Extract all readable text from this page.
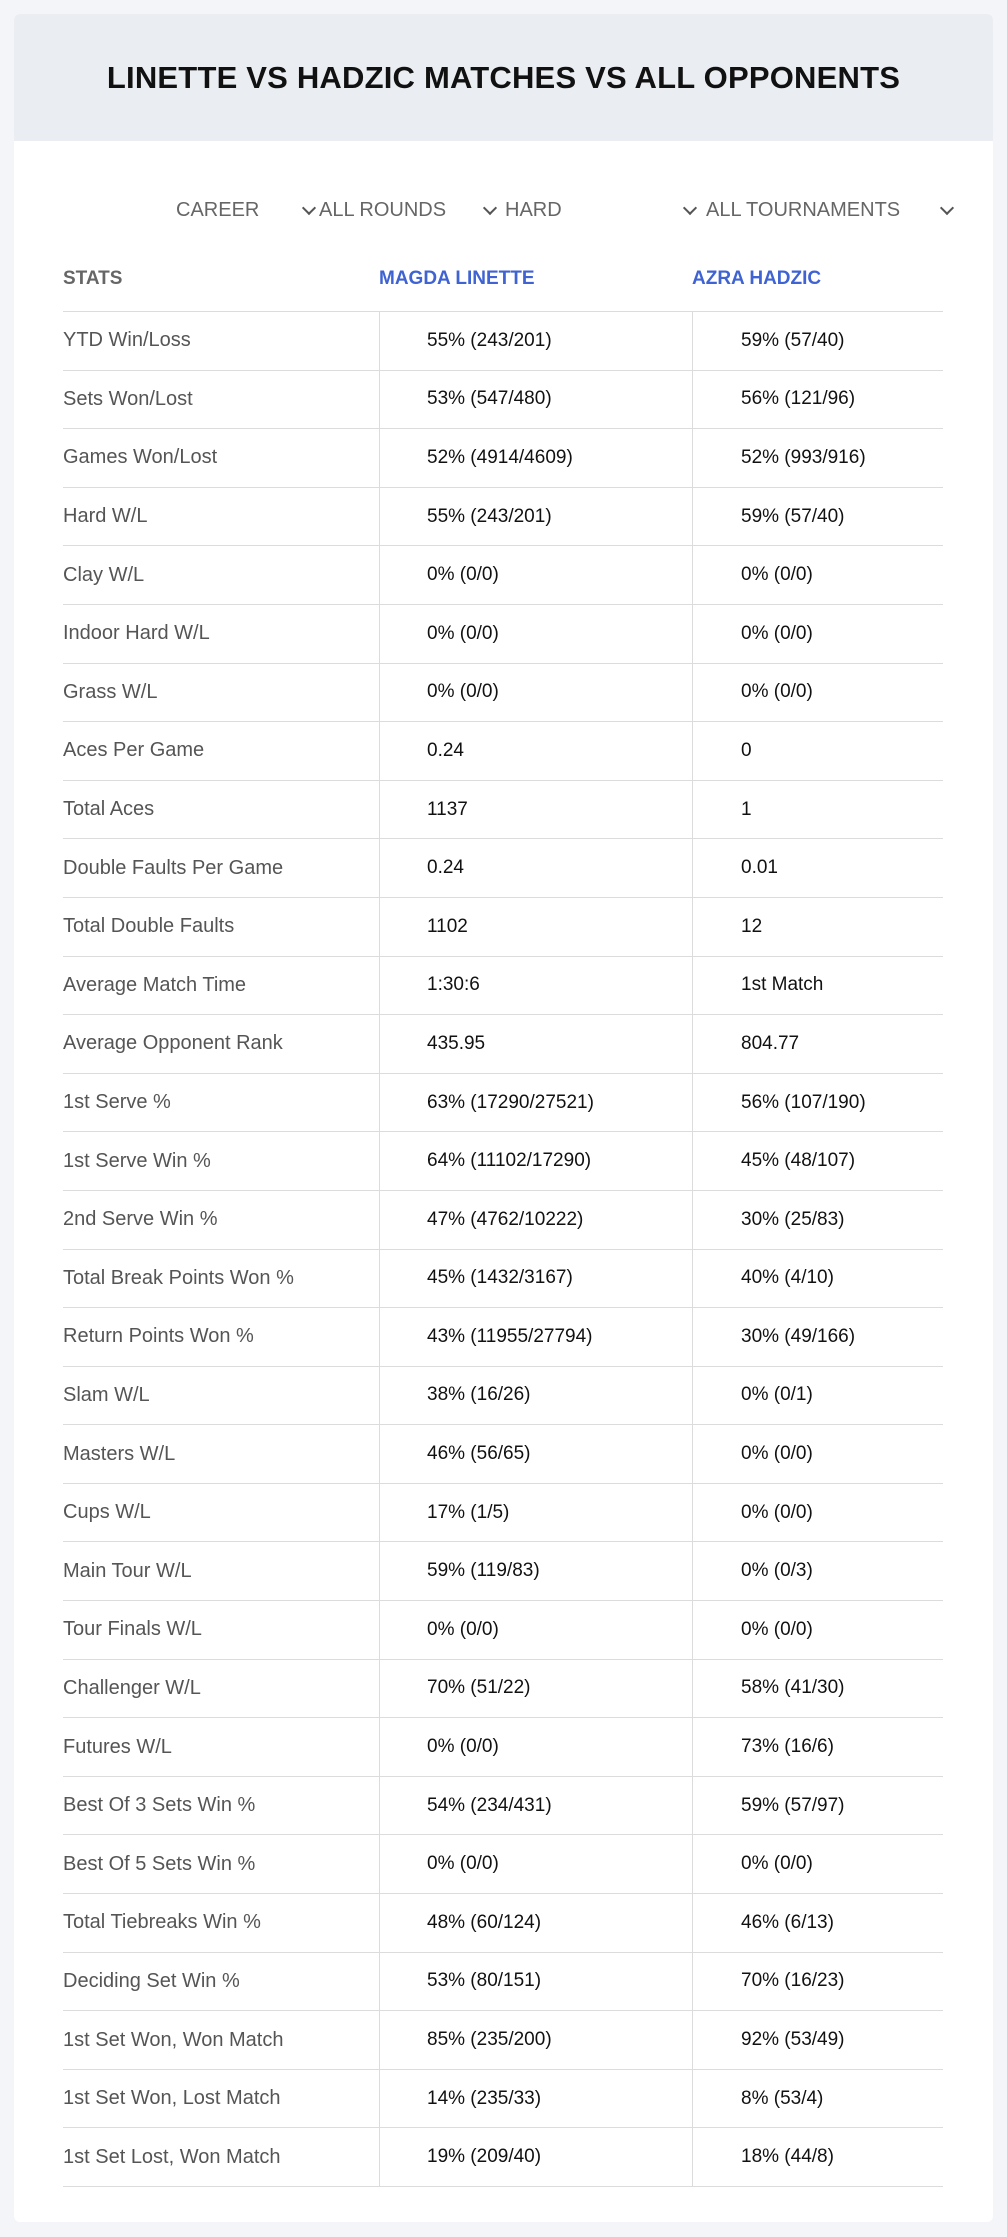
LINETTE VS HADZIC MATCHES VS ALL OPPONENTS
CAREER	ALL ROUNDS	HARD	ALL TOURNAMENTS
STATS	MAGDA LINETTE	AZRA HADZIC
YTD Win/Loss	55% (243/201)	59% (57/40)
Sets Won/Lost	53% (547/480)	56% (121/96)
Games Won/Lost	52% (4914/4609)	52% (993/916)
Hard W/L	55% (243/201)	59% (57/40)
Clay W/L	0% (0/0)	0% (0/0)
Indoor Hard W/L	0% (0/0)	0% (0/0)
Grass W/L	0% (0/0)	0% (0/0)
Aces Per Game	0.24	0
Total Aces	1137	1
Double Faults Per Game	0.24	0.01
Total Double Faults	1102	12
Average Match Time	1:30:6	1st Match
Average Opponent Rank	435.95	804.77
1st Serve %	63% (17290/27521)	56% (107/190)
1st Serve Win %	64% (11102/17290)	45% (48/107)
2nd Serve Win %	47% (4762/10222)	30% (25/83)
Total Break Points Won %	45% (1432/3167)	40% (4/10)
Return Points Won %	43% (11955/27794)	30% (49/166)
Slam W/L	38% (16/26)	0% (0/1)
Masters W/L	46% (56/65)	0% (0/0)
Cups W/L	17% (1/5)	0% (0/0)
Main Tour W/L	59% (119/83)	0% (0/3)
Tour Finals W/L	0% (0/0)	0% (0/0)
Challenger W/L	70% (51/22)	58% (41/30)
Futures W/L	0% (0/0)	73% (16/6)
Best Of 3 Sets Win %	54% (234/431)	59% (57/97)
Best Of 5 Sets Win %	0% (0/0)	0% (0/0)
Total Tiebreaks Win %	48% (60/124)	46% (6/13)
Deciding Set Win %	53% (80/151)	70% (16/23)
1st Set Won, Won Match	85% (235/200)	92% (53/49)
1st Set Won, Lost Match	14% (235/33)	8% (53/4)
1st Set Lost, Won Match	19% (209/40)	18% (44/8)
